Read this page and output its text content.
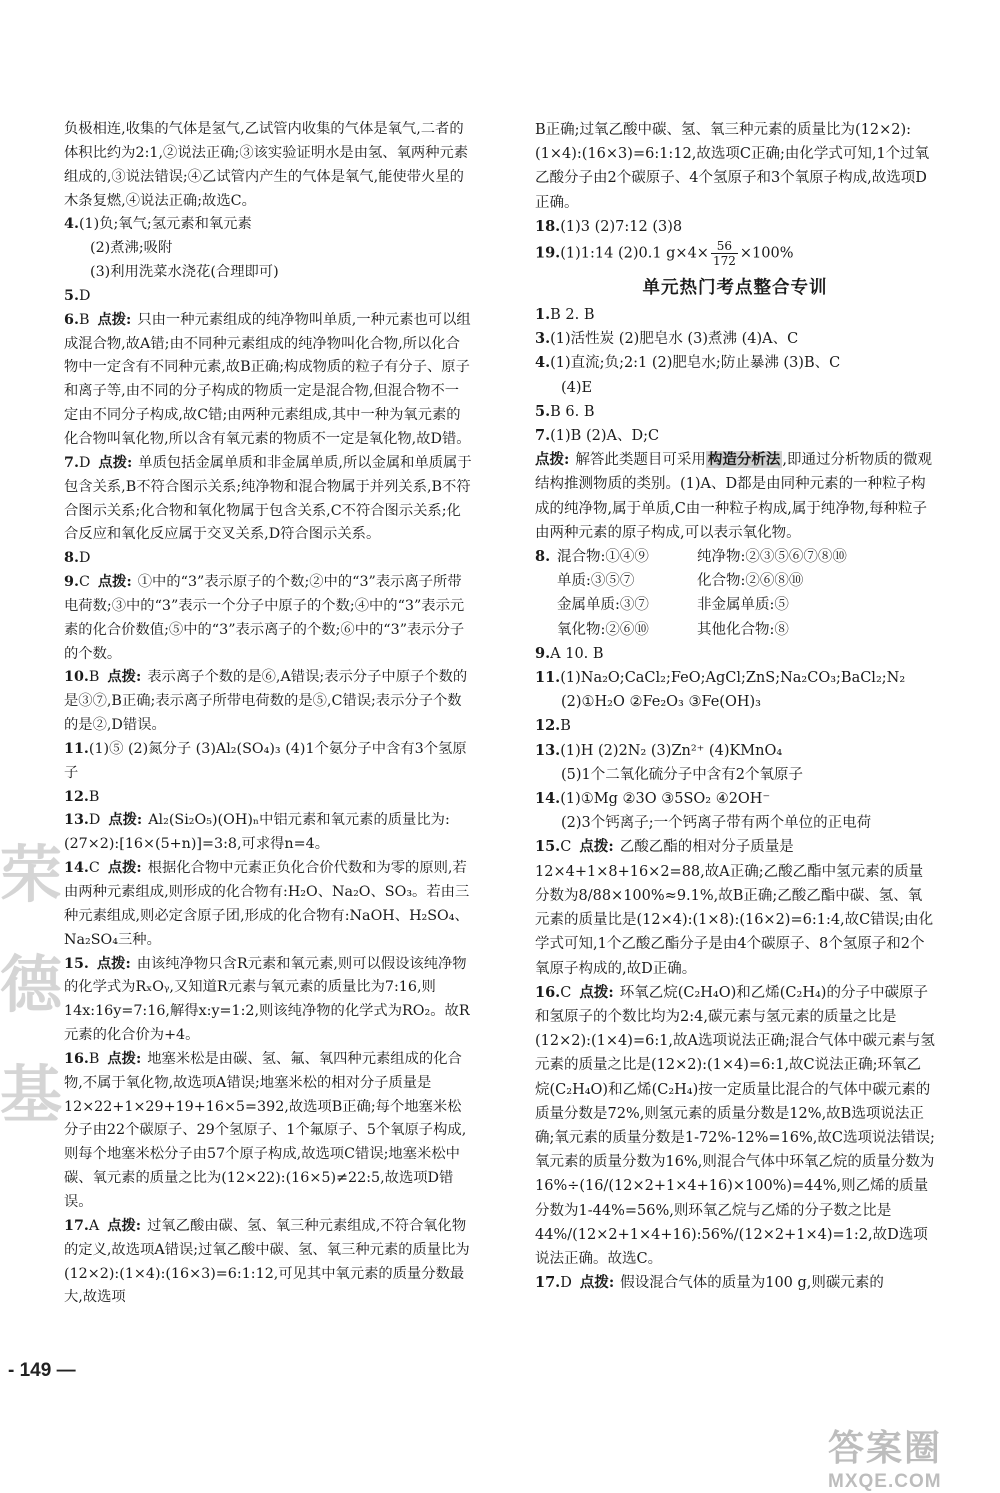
荣德基

负极相连,收集的气体是氢气,乙试管内收集的气体是氧气,二者的体积比约为2:1,②说法正确;③该实验证明水是由氢、氧两种元素组成的,③说法错误;④乙试管内产生的气体是氧气,能使带火星的木条复燃,④说法正确;故选C。

4.(1)负;氧气;氢元素和氧元素

(2)煮沸;吸附

(3)利用洗菜水浇花(合理即可)

5.D

6.B 点拨: 只由一种元素组成的纯净物叫单质,一种元素也可以组成混合物,故A错;由不同种元素组成的纯净物叫化合物,所以化合物中一定含有不同种元素,故B正确;构成物质的粒子有分子、原子和离子等,由不同的分子构成的物质一定是混合物,但混合物不一定由不同分子构成,故C错;由两种元素组成,其中一种为氧元素的化合物叫氧化物,所以含有氧元素的物质不一定是氧化物,故D错。

7.D 点拨: 单质包括金属单质和非金属单质,所以金属和单质属于包含关系,B不符合图示关系;纯净物和混合物属于并列关系,B不符合图示关系;化合物和氧化物属于包含关系,C不符合图示关系;化合反应和氧化反应属于交叉关系,D符合图示关系。

8.D

9.C 点拨: ①中的“3”表示原子的个数;②中的“3”表示离子所带电荷数;③中的“3”表示一个分子中原子的个数;④中的“3”表示元素的化合价数值;⑤中的“3”表示离子的个数;⑥中的“3”表示分子的个数。

10.B 点拨: 表示离子个数的是⑥,A错误;表示分子中原子个数的是③⑦,B正确;表示离子所带电荷数的是⑤,C错误;表示分子个数的是②,D错误。

11.(1)⑤ (2)氮分子 (3)Al₂(SO₄)₃ (4)1个氨分子中含有3个氢原子

12.B

13.D 点拨: Al₂(Si₂O₅)(OH)ₙ中铝元素和氧元素的质量比为:(27×2):[16×(5+n)]=3:8,可求得n=4。

14.C 点拨: 根据化合物中元素正负化合价代数和为零的原则,若由两种元素组成,则形成的化合物有:H₂O、Na₂O、SO₃。若由三种元素组成,则必定含原子团,形成的化合物有:NaOH、H₂SO₄、Na₂SO₄三种。

15. 点拨: 由该纯净物只含R元素和氧元素,则可以假设该纯净物的化学式为RₓOᵧ,又知道R元素与氧元素的质量比为7:16,则14x:16y=7:16,解得x:y=1:2,则该纯净物的化学式为RO₂。故R元素的化合价为+4。

16.B 点拨: 地塞米松是由碳、氢、氟、氧四种元素组成的化合物,不属于氧化物,故选项A错误;地塞米松的相对分子质量是12×22+1×29+19+16×5=392,故选项B正确;每个地塞米松分子由22个碳原子、29个氢原子、1个氟原子、5个氧原子构成,则每个地塞米松分子由57个原子构成,故选项C错误;地塞米松中碳、氧元素的质量之比为(12×22):(16×5)≠22:5,故选项D错误。

17.A 点拨: 过氧乙酸由碳、氢、氧三种元素组成,不符合氧化物的定义,故选项A错误;过氧乙酸中碳、氢、氧三种元素的质量比为(12×2):(1×4):(16×3)=6:1:12,可见其中氧元素的质量分数最大,故选项

B正确;过氧乙酸中碳、氢、氧三种元素的质量比为(12×2):(1×4):(16×3)=6:1:12,故选项C正确;由化学式可知,1个过氧乙酸分子由2个碳原子、4个氢原子和3个氧原子构成,故选项D正确。

18.(1)3 (2)7:12 (3)8

19.(1)1:14 (2)0.1 $g\times 4\times \frac{56}{172} \times 100\%$

单元热门考点整合专训

1.B 2. B

3.(1)活性炭 (2)肥皂水 (3)煮沸 (4)A、C

4.(1)直流;负;2:1 (2)肥皂水;防止暴沸 (3)B、C

(4)E

5.B 6. B

7.(1)B (2)A、D;C

点拨: 解答此类题目可采用 构造分析法 ,即通过分析物质的微观结构推测物质的类别。(1)A、D都是由同种元素的一种粒子构成的纯净物,属于单质,C由一种粒子构成,属于纯净物,每种粒子由两种元素的原子构成,可以表示氧化物。

8. 混合物:①④⑨	纯净物:②③⑤⑥⑦⑧⑩
单质:③⑤⑦	化合物:②⑥⑧⑩
金属单质:③⑦	非金属单质:⑤
氧化物:②⑥⑩	其他化合物:⑧

9.A 10. B

11.(1)Na₂O;CaCl₂;FeO;AgCl;ZnS;Na₂CO₃;BaCl₂;N₂

(2)①H₂O ②Fe₂O₃ ③Fe(OH)₃

12.B

13.(1)H (2)2N₂ (3)Zn²⁺ (4)KMnO₄

(5)1个二氧化硫分子中含有2个氧原子

14.(1)①Mg ②3O ③5SO₂ ④2OH⁻

(2)3个钙离子;一个钙离子带有两个单位的正电荷

15.C 点拨: 乙酸乙酯的相对分子质量是12×4+1×8+16×2=88,故A正确;乙酸乙酯中氢元素的质量分数为8/88×100%≈9.1%,故B正确;乙酸乙酯中碳、氢、氧元素的质量比是(12×4):(1×8):(16×2)=6:1:4,故C错误;由化学式可知,1个乙酸乙酯分子是由4个碳原子、8个氢原子和2个氧原子构成的,故D正确。

16.C 点拨: 环氧乙烷(C₂H₄O)和乙烯(C₂H₄)的分子中碳原子和氢原子的个数比均为2:4,碳元素与氢元素的质量之比是(12×2):(1×4)=6:1,故A选项说法正确;混合气体中碳元素与氢元素的质量之比是(12×2):(1×4)=6:1,故C说法正确;环氧乙烷(C₂H₄O)和乙烯(C₂H₄)按一定质量比混合的气体中碳元素的质量分数是72%,则氢元素的质量分数是12%,故B选项说法正确;氧元素的质量分数是1-72%-12%=16%,故C选项说法错误;氧元素的质量分数为16%,则混合气体中环氧乙烷的质量分数为16%÷(16/(12×2+1×4+16)×100%)=44%,则乙烯的质量分数为1-44%=56%,则环氧乙烷与乙烯的分子数之比是44%/(12×2+1×4+16):56%/(12×2+1×4)=1:2,故D选项说法正确。故选C。

17.D 点拨: 假设混合气体的质量为100 g,则碳元素的

- 149 —
答案圈
MXQE.COM
